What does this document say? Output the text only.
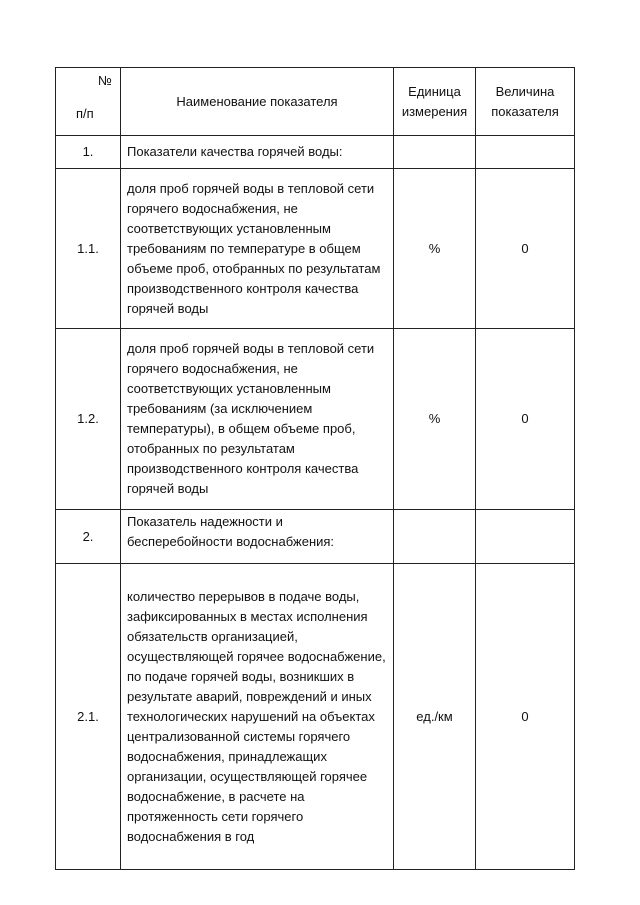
№
п/п	Наименование показателя	Единица измерения	Величина показателя
1.	Показатели качества горячей воды:		
1.1.	доля проб горячей воды в тепловой сети горячего водоснабжения, не соответствующих установленным требованиям по температуре в общем объеме проб, отобранных по результатам производственного контроля качества горячей воды	%	0
1.2.	доля проб горячей воды в тепловой сети горячего водоснабжения, не соответствующих установленным требованиям (за исключением температуры), в общем объеме проб, отобранных по результатам производственного контроля качества горячей воды	%	0
2.	Показатель надежности и бесперебойности водоснабжения:		
2.1.	количество перерывов в подаче воды, зафиксированных в местах исполнения обязательств организацией, осуществляющей горячее водоснабжение, по подаче горячей воды, возникших в результате аварий, повреждений и иных технологических нарушений на объектах централизованной системы горячего водоснабжения, принадлежащих организации, осуществляющей горячее водоснабжение, в расчете на протяженность сети горячего водоснабжения в год	ед./км	0
